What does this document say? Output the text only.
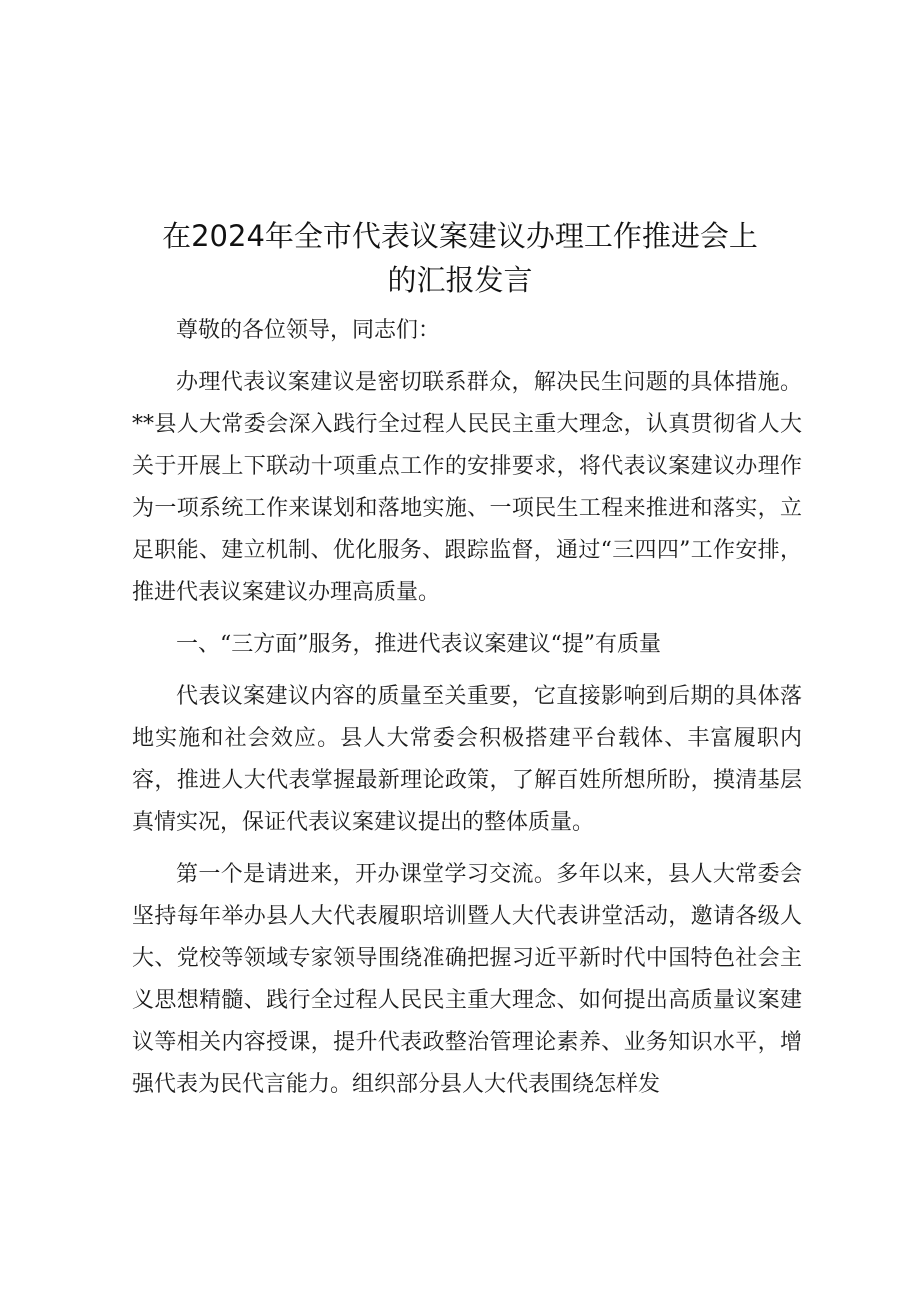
在2024年全市代表议案建议办理工作推进会上
的汇报发言

尊敬的各位领导，同志们：

办理代表议案建议是密切联系群众，解决民生问题的具体措施。**县人大常委会深入践行全过程人民民主重大理念，认真贯彻省人大关于开展上下联动十项重点工作的安排要求，将代表议案建议办理作为一项系统工作来谋划和落地实施、一项民生工程来推进和落实，立足职能、建立机制、优化服务、跟踪监督，通过“三四四”工作安排，推进代表议案建议办理高质量。

一、“三方面”服务，推进代表议案建议“提”有质量

代表议案建议内容的质量至关重要，它直接影响到后期的具体落地实施和社会效应。县人大常委会积极搭建平台载体、丰富履职内容，推进人大代表掌握最新理论政策，了解百姓所想所盼，摸清基层真情实况，保证代表议案建议提出的整体质量。

第一个是请进来，开办课堂学习交流。多年以来，县人大常委会坚持每年举办县人大代表履职培训暨人大代表讲堂活动，邀请各级人大、党校等领域专家领导围绕准确把握习近平新时代中国特色社会主义思想精髓、践行全过程人民民主重大理念、如何提出高质量议案建议等相关内容授课，提升代表政整治管理论素养、业务知识水平，增强代表为民代言能力。组织部分县人大代表围绕怎样发
